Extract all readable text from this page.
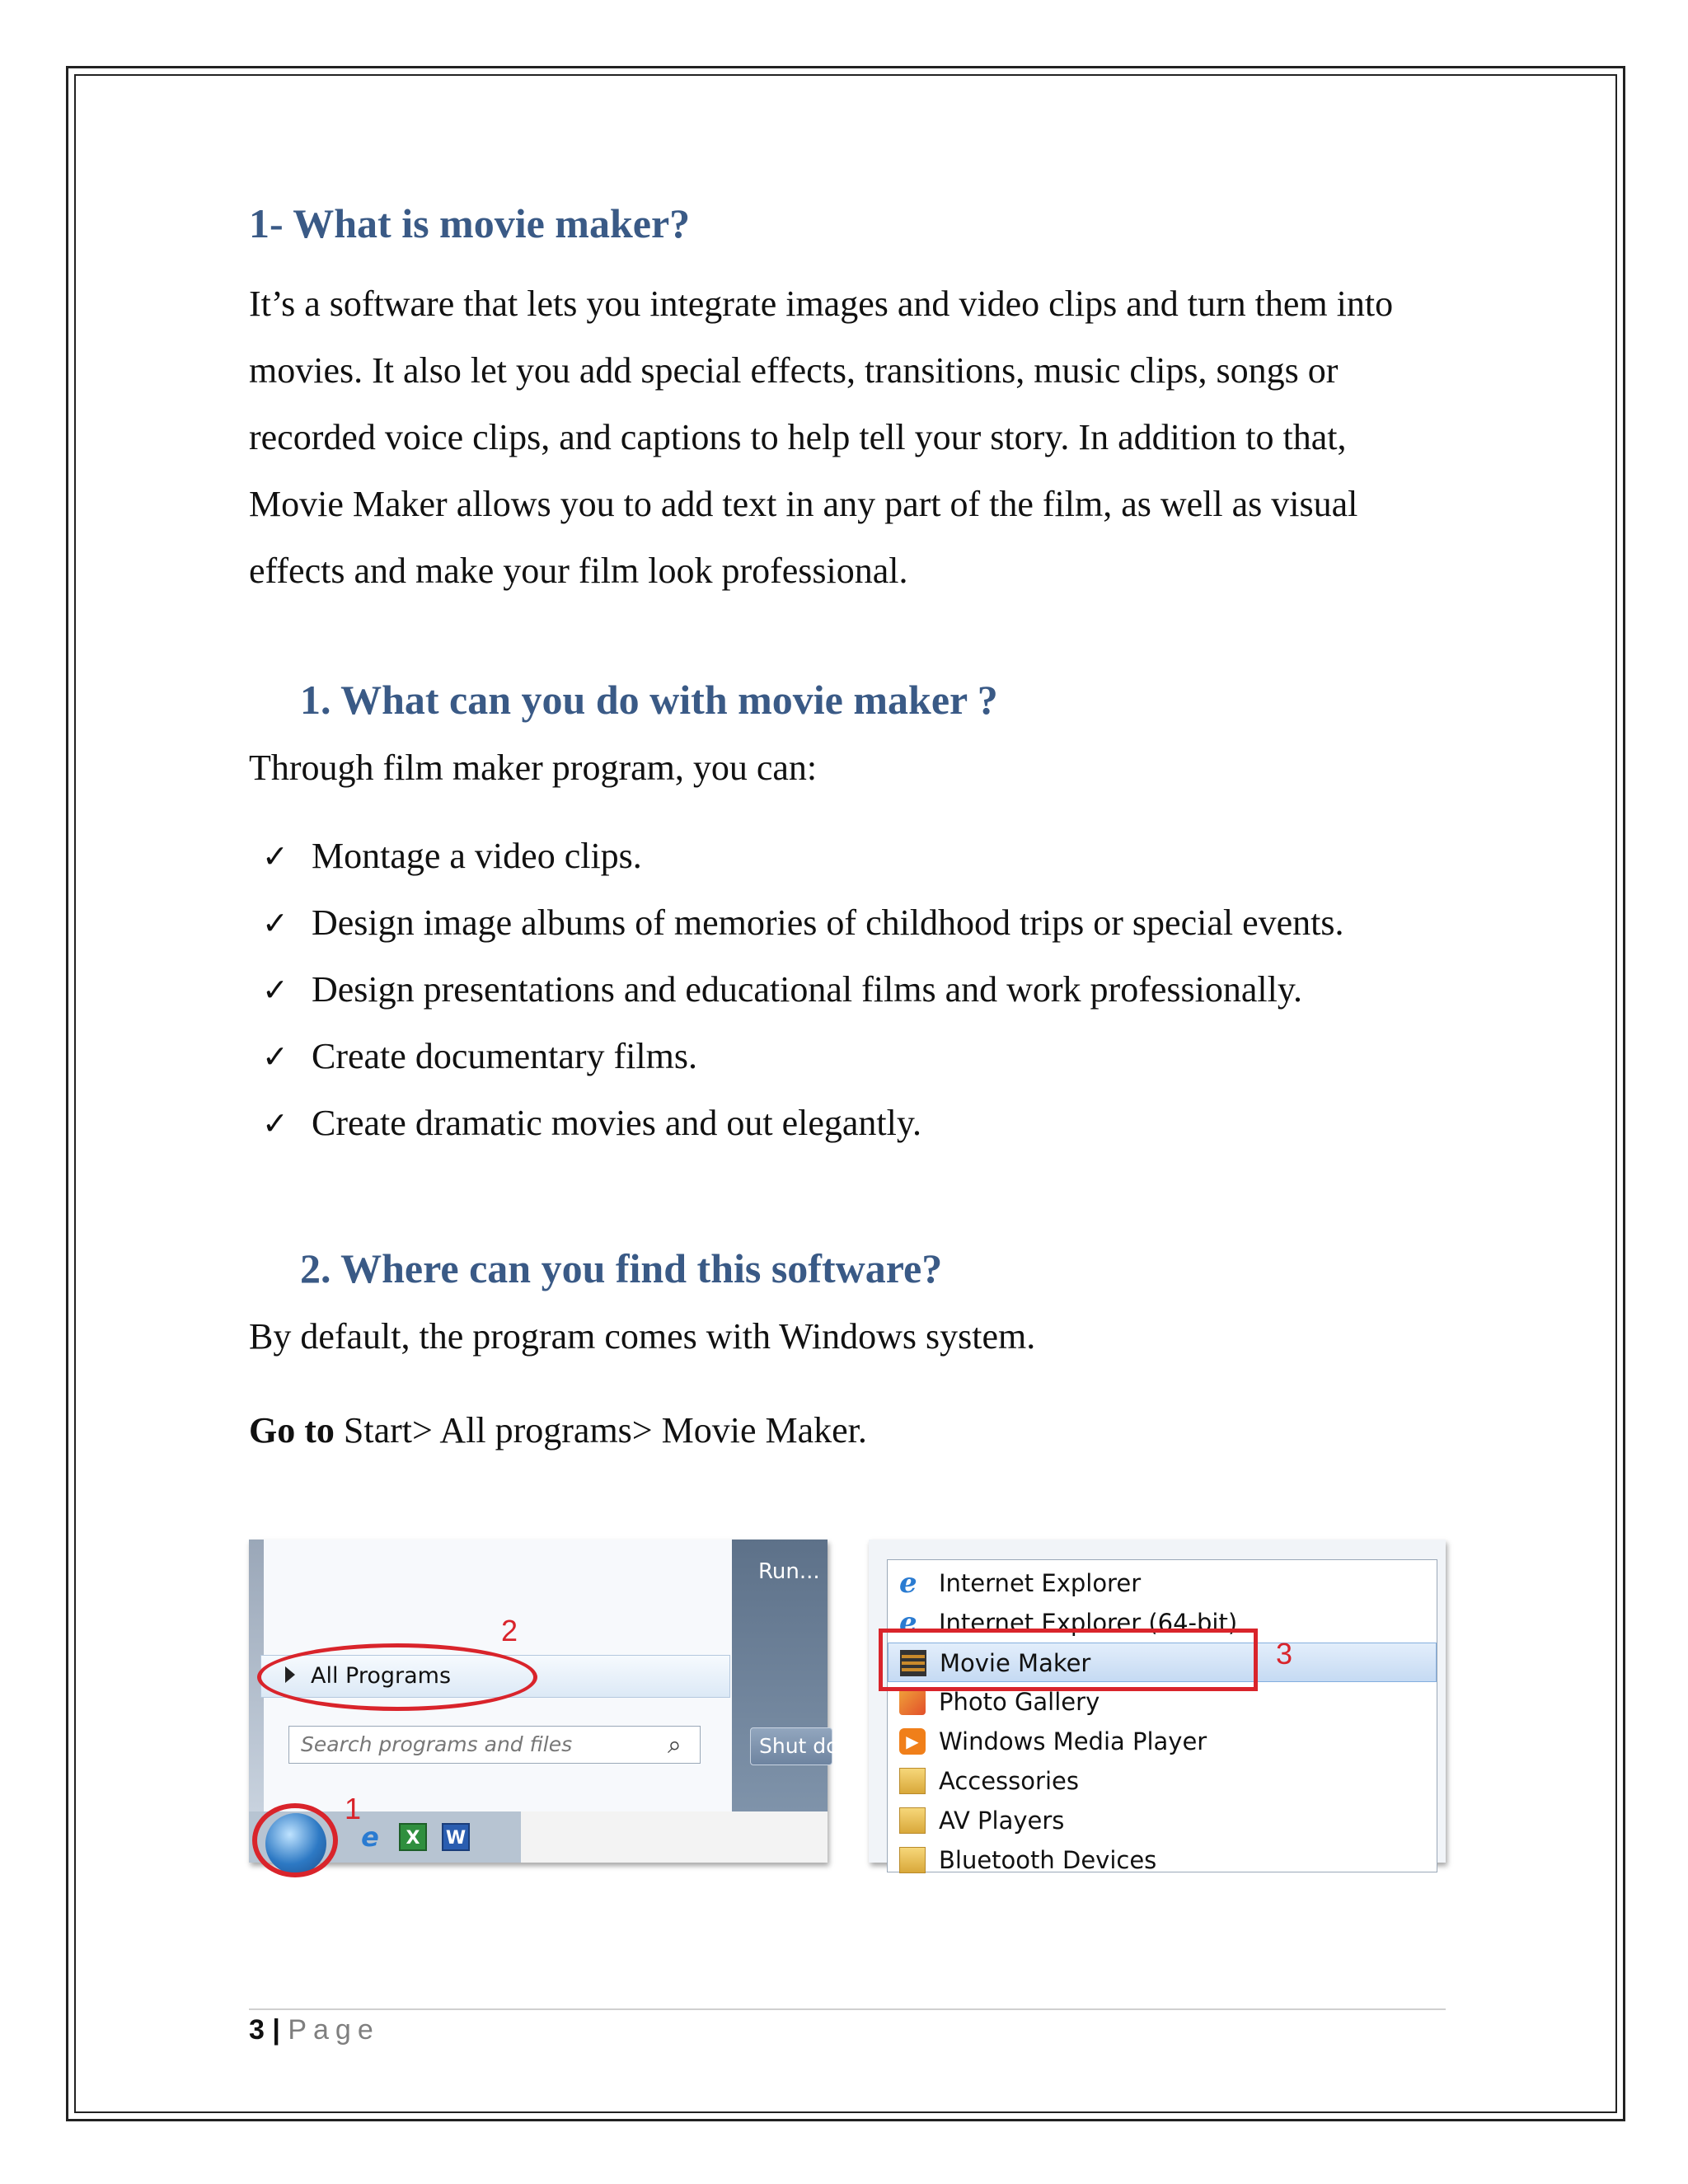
1- What is movie maker?

It’s a software that lets you integrate images and video clips and turn them into movies. It also let you add special effects, transitions, music clips, songs or recorded voice clips, and captions to help tell your story. In addition to that, Movie Maker allows you to add text in any part of the film, as well as visual effects and make your film look professional.

1. What can you do with movie maker ?

Through film maker program, you can:

✓ Montage a video clips.
✓ Design image albums of memories of childhood trips or special events.
✓ Design presentations and educational films and work professionally.
✓ Create documentary films.
✓ Create dramatic movies and out elegantly.
2. Where can you find this software?

By default, the program comes with Windows system.

Go to Start> All programs> Movie Maker.

Run...
All Programs
Search programs and files	⌕	Shut down
e	X	W
2
1
e Internet Explorer
e Internet Explorer (64-bit)
Movie Maker
Photo Gallery
▶ Windows Media Player
Accessories
AV Players
Bluetooth Devices
3
3 | Page
